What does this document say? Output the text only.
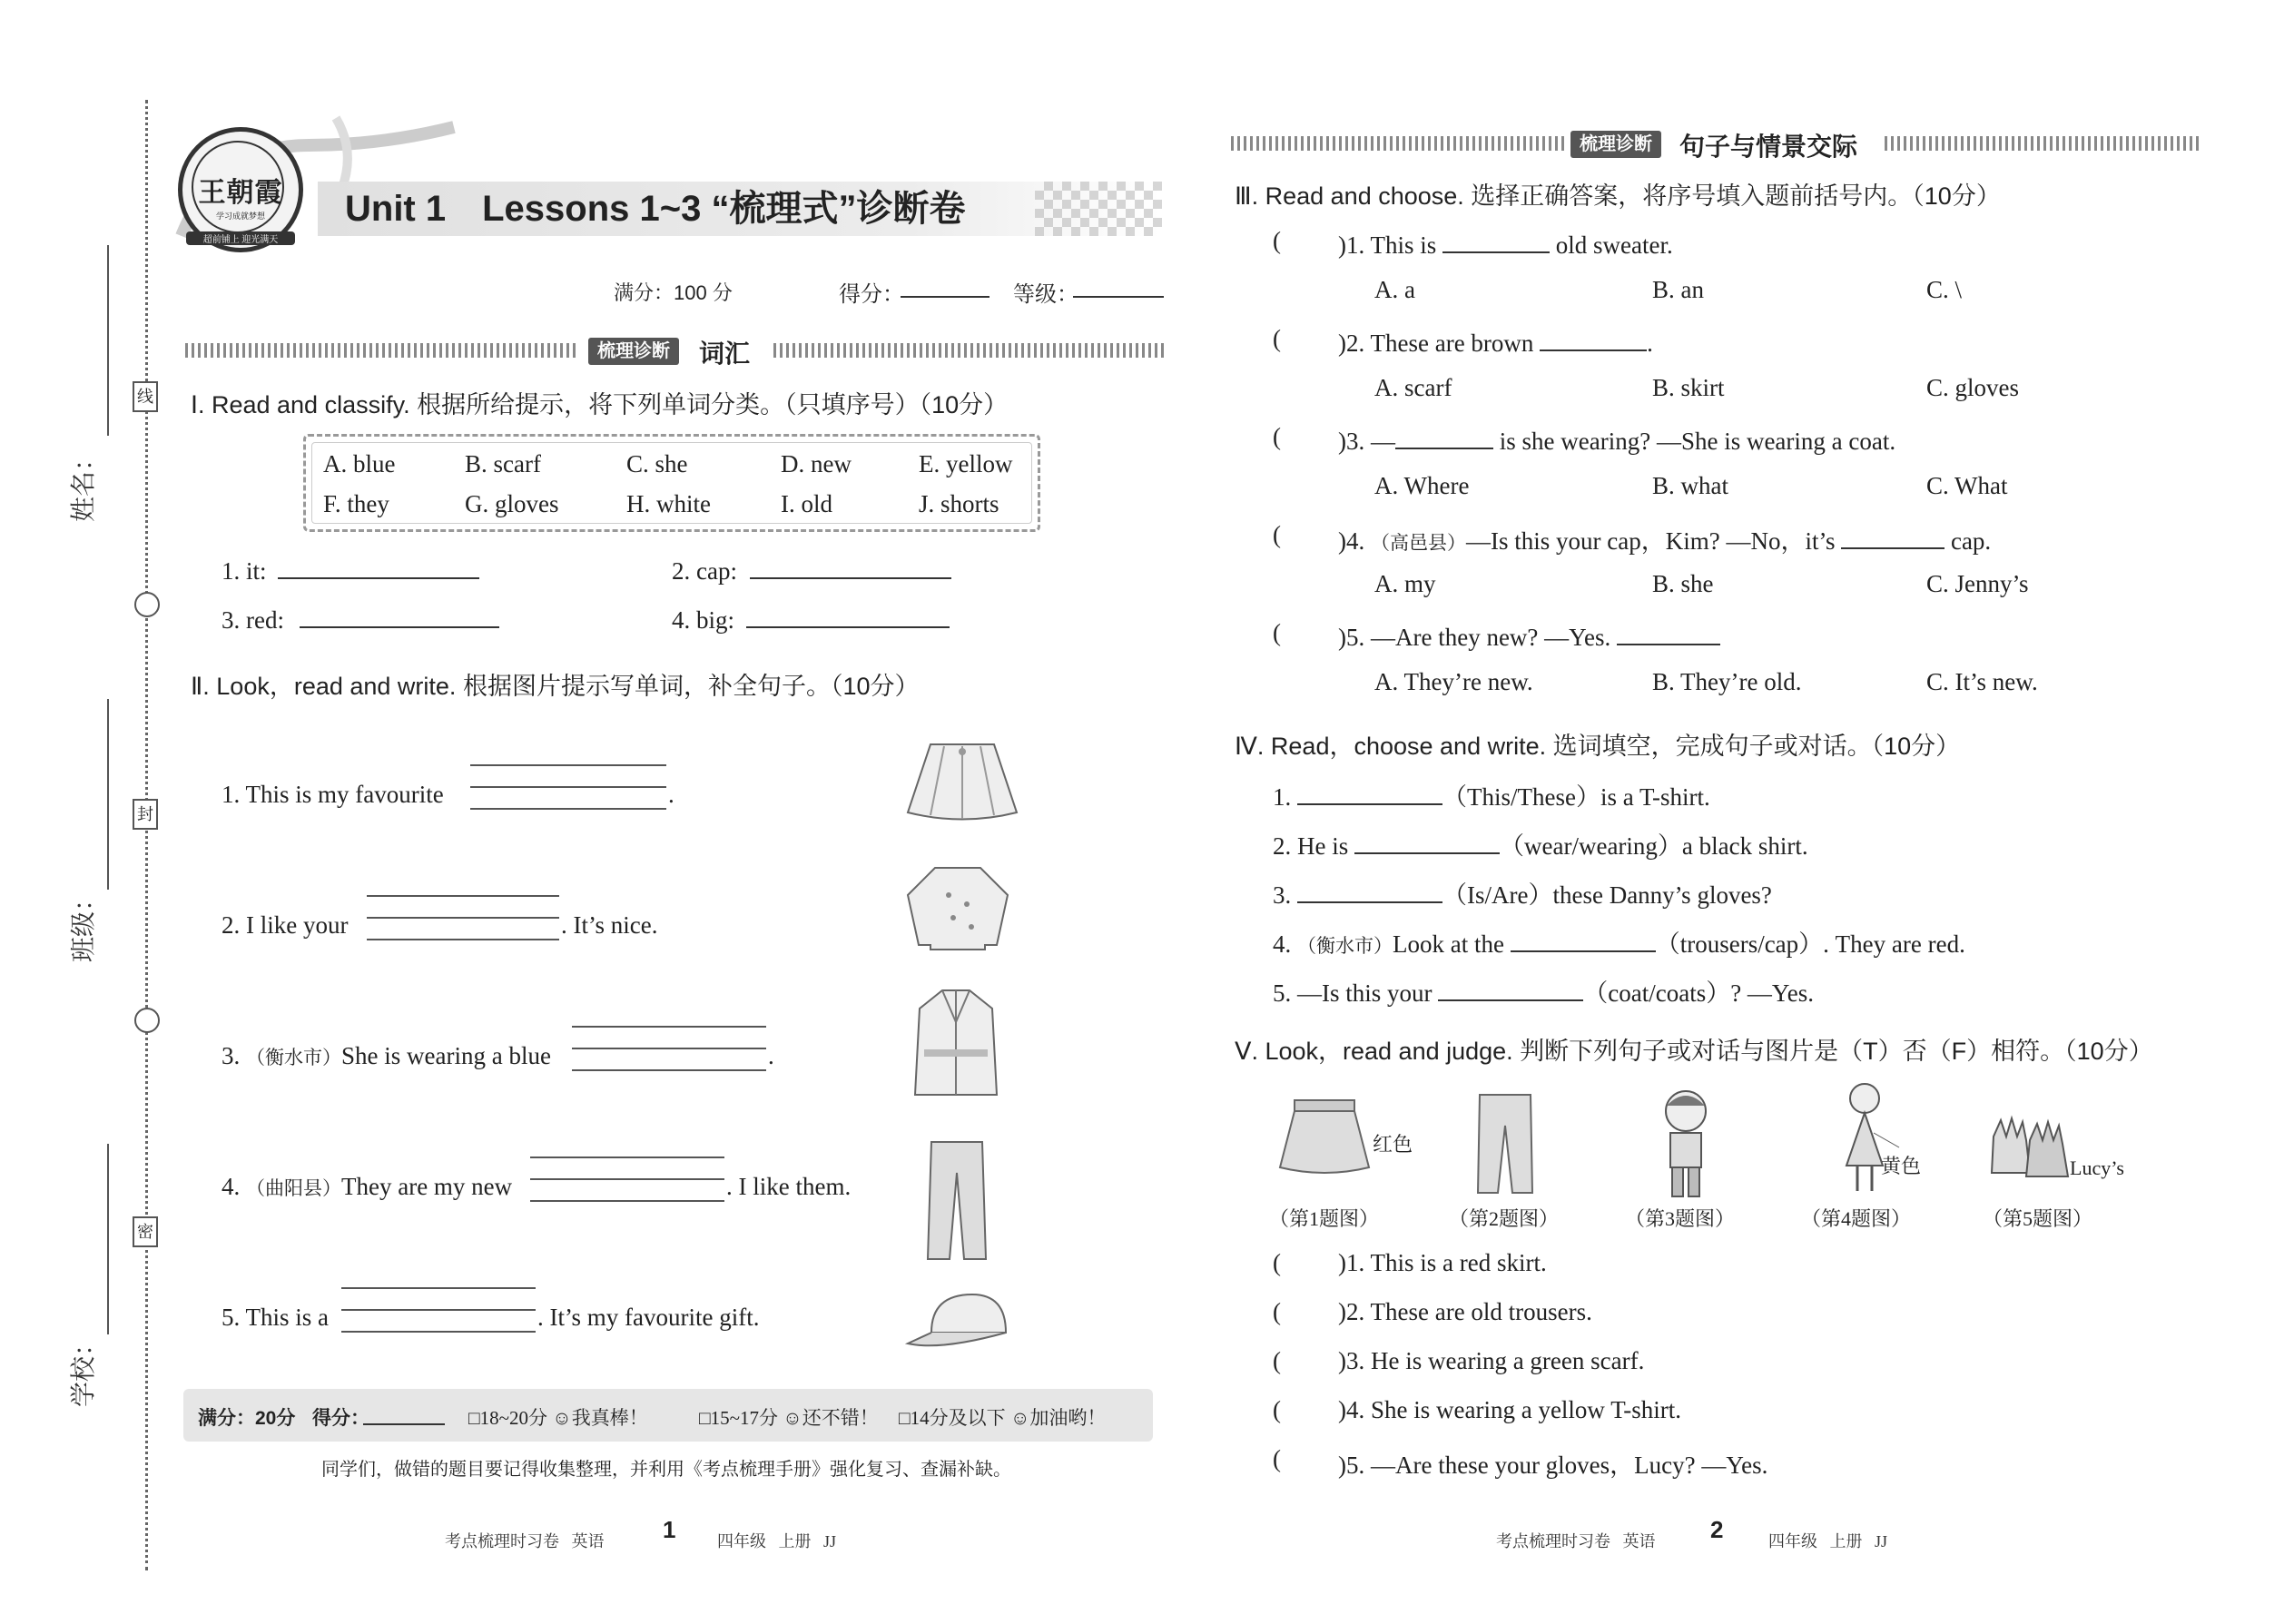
姓名：
班级：
学校：
线
封
密
王朝霞
学习成就梦想
超前铺上 迎光满天
Unit 1　Lessons 1~3 “梳理式”诊断卷
满分：100 分	得分：	等级：
梳理诊断	词汇
Ⅰ. Read and classify. 根据所给提示，将下列单词分类。（只填序号）（10分）
A. blue	B. scarf	C. she	D. new	E. yellow
F. they	G. gloves	H. white	I. old	J. shorts
1. it:	2. cap:
3. red:	4. big:
Ⅱ. Look，read and write. 根据图片提示写单词，补全句子。（10分）
1. This is my favourite	.
2. I like your	. It’s nice.
3. （衡水市）She is wearing a blue	.
4. （曲阳县）They are my new	. I like them.
5. This is a	. It’s my favourite gift.
满分：20分 得分：	□18~20分 ☺我真棒！	□15~17分 ☺还不错！ □14分及以下 ☺加油哟！
同学们，做错的题目要记得收集整理，并利用《考点梳理手册》强化复习、查漏补缺。
考点梳理时习卷 英语 1	四年级 上册 JJ
梳理诊断	句子与情景交际
Ⅲ. Read and choose. 选择正确答案，将序号填入题前括号内。（10分）
( )1. This is	old sweater.
A. a	B. an	C. \
( )2. These are brown	.
A. scarf	B. skirt	C. gloves
( )3. —	is she wearing? —She is wearing a coat.
A. Where	B. what	C. What
( )4. （高邑县）—Is this your cap，Kim? —No，it’s	cap.
A. my	B. she	C. Jenny’s
( )5. —Are they new? —Yes.
A. They’re new.	B. They’re old.	C. It’s new.
Ⅳ. Read，choose and write. 选词填空，完成句子或对话。（10分）
1.	（This/These）is a T-shirt.
2. He is	（wear/wearing）a black shirt.
3.	（Is/Are）these Danny’s gloves?
4. （衡水市）Look at the	（trousers/cap）. They are red.
5. —Is this your	（coat/coats）? —Yes.
Ⅴ. Look，read and judge. 判断下列句子或对话与图片是（T）否（F）相符。（10分）
红色
（第1题图）	（第2题图）	（第3题图）
黄色
（第4题图）
Lucy’s
（第5题图）
( )1. This is a red skirt.
( )2. These are old trousers.
( )3. He is wearing a green scarf.
( )4. She is wearing a yellow T-shirt.
( )5. —Are these your gloves，Lucy? —Yes.
考点梳理时习卷 英语 2	四年级 上册 JJ
